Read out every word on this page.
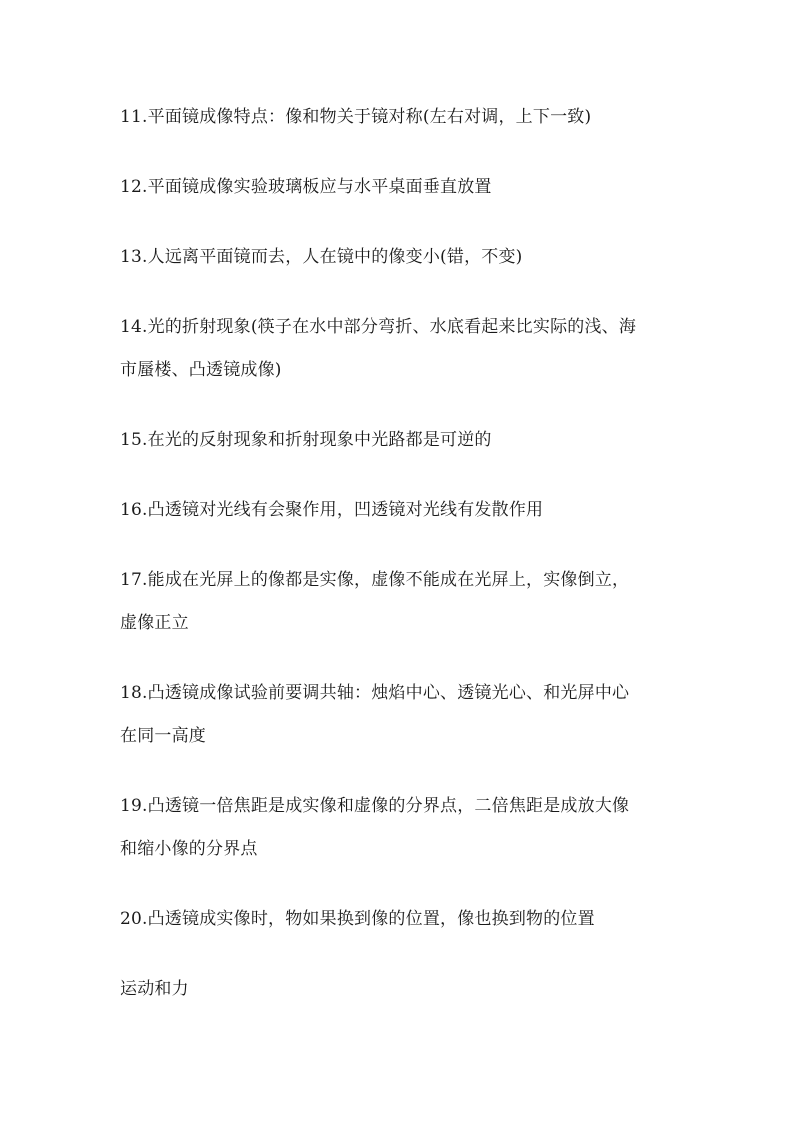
11.平面镜成像特点：像和物关于镜对称(左右对调，上下一致)
12.平面镜成像实验玻璃板应与水平桌面垂直放置
13.人远离平面镜而去，人在镜中的像变小(错，不变)
14.光的折射现象(筷子在水中部分弯折、水底看起来比实际的浅、海
市蜃楼、凸透镜成像)
15.在光的反射现象和折射现象中光路都是可逆的
16.凸透镜对光线有会聚作用，凹透镜对光线有发散作用
17.能成在光屏上的像都是实像，虚像不能成在光屏上，实像倒立，
虚像正立
18.凸透镜成像试验前要调共轴：烛焰中心、透镜光心、和光屏中心
在同一高度
19.凸透镜一倍焦距是成实像和虚像的分界点，二倍焦距是成放大像
和缩小像的分界点
20.凸透镜成实像时，物如果换到像的位置，像也换到物的位置
运动和力
